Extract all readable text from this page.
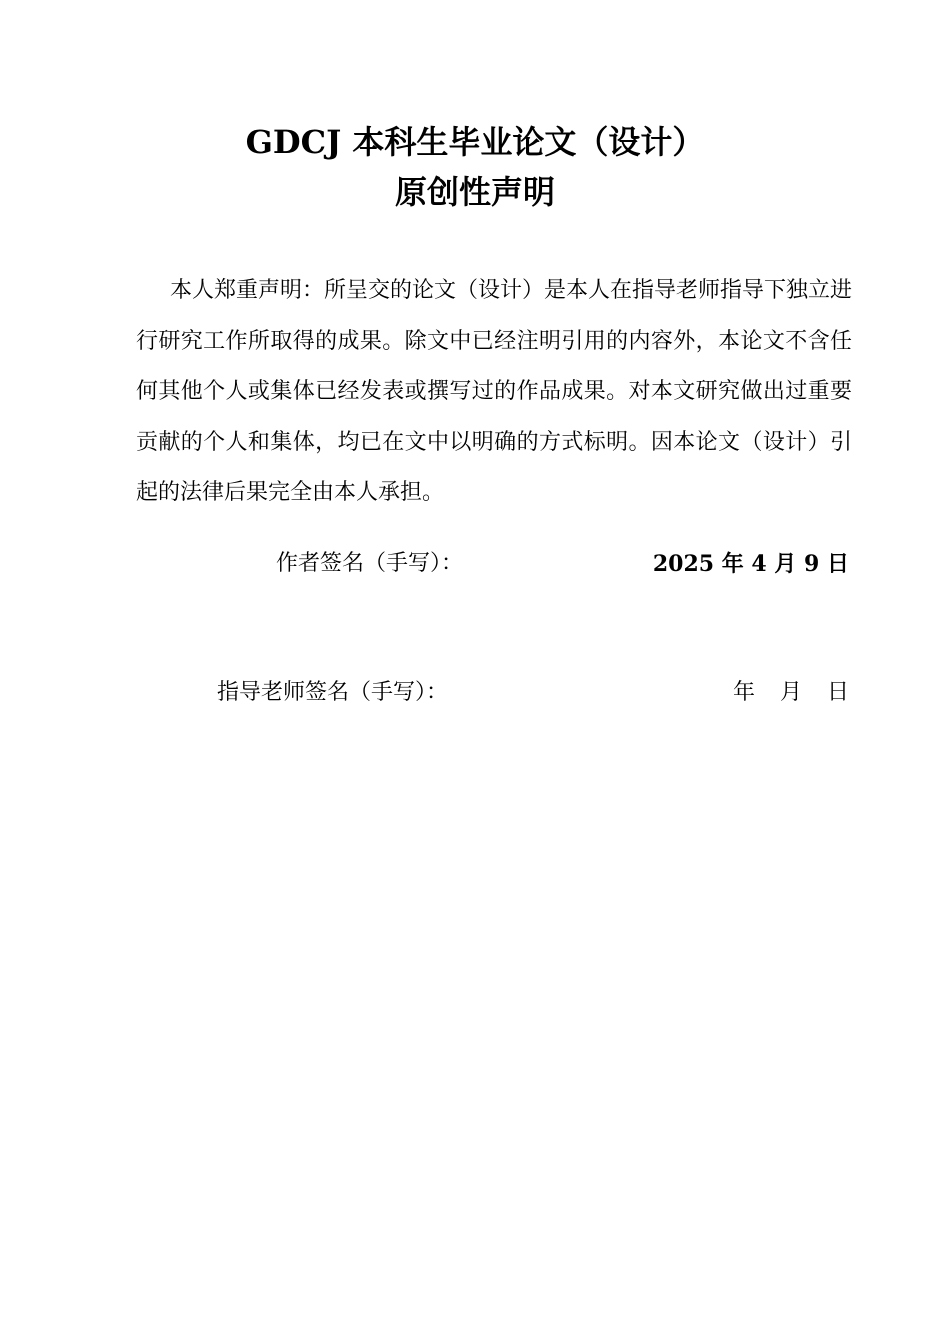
GDCJ 本科生毕业论文（设计）
原创性声明

本人郑重声明：所呈交的论文（设计）是本人在指导老师指导下独立进行研究工作所取得的成果。除文中已经注明引用的内容外，本论文不含任何其他个人或集体已经发表或撰写过的作品成果。对本文研究做出过重要贡献的个人和集体，均已在文中以明确的方式标明。因本论文（设计）引起的法律后果完全由本人承担。

作者签名（手写）：	2025 年 4 月 9 日
指导老师签名（手写）：	年 月 日
